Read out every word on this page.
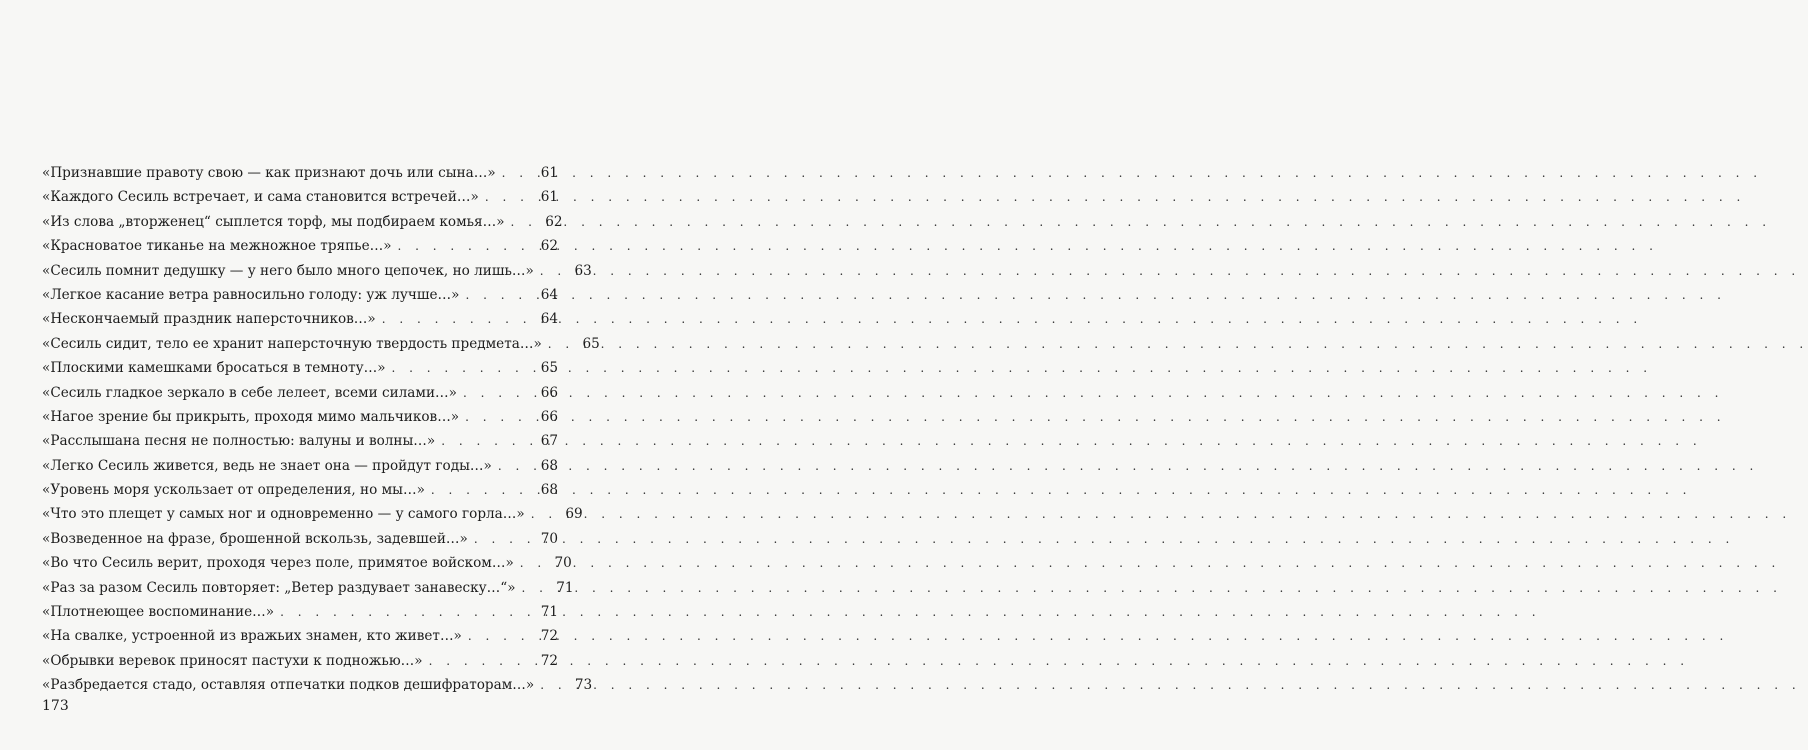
«Признавшие правоту свою — как признают дочь или сына…» . . .	61
«Каждого Сесиль встречает, и сама становится встречей…» . . .	61
«Из слова „вторженец“ сыплется торф, мы подбираем комья…» . . .	62
«Красноватое тиканье на межножное тряпье…» . . .	62
«Сесиль помнит дедушку — у него было много цепочек, но лишь…» . . .	63
«Легкое касание ветра равносильно голоду: уж лучше…» . . .	64
«Нескончаемый праздник наперсточников…» . . .	64
«Сесиль сидит, тело ее хранит наперсточную твердость предмета…» . . .	65
«Плоскими камешками бросаться в темноту…» . . .	65
«Сесиль гладкое зеркало в себе лелеет, всеми силами…» . . .	66
«Нагое зрение бы прикрыть, проходя мимо мальчиков…» . . .	66
«Расслышана песня не полностью: валуны и волны…» . . .	67
«Легко Сесиль живется, ведь не знает она — пройдут годы…» . . .	68
«Уровень моря ускользает от определения, но мы…» . . .	68
«Что это плещет у самых ног и одновременно — у самого горла…» . . .	69
«Возведенное на фразе, брошенной вскользь, задевшей…» . . .	70
«Во что Сесиль верит, проходя через поле, примятое войском…» . . .	70
«Раз за разом Сесиль повторяет: „Ветер раздувает занавеску…“» . . .	71
«Плотнеющее воспоминание…» . . .	71
«На свалке, устроенной из вражьих знамен, кто живет…» . . .	72
«Обрывки веревок приносят пастухи к подножью…» . . .	72
«Разбредается стадо, оставляя отпечатки подков дешифраторам…» . . .	73
173
